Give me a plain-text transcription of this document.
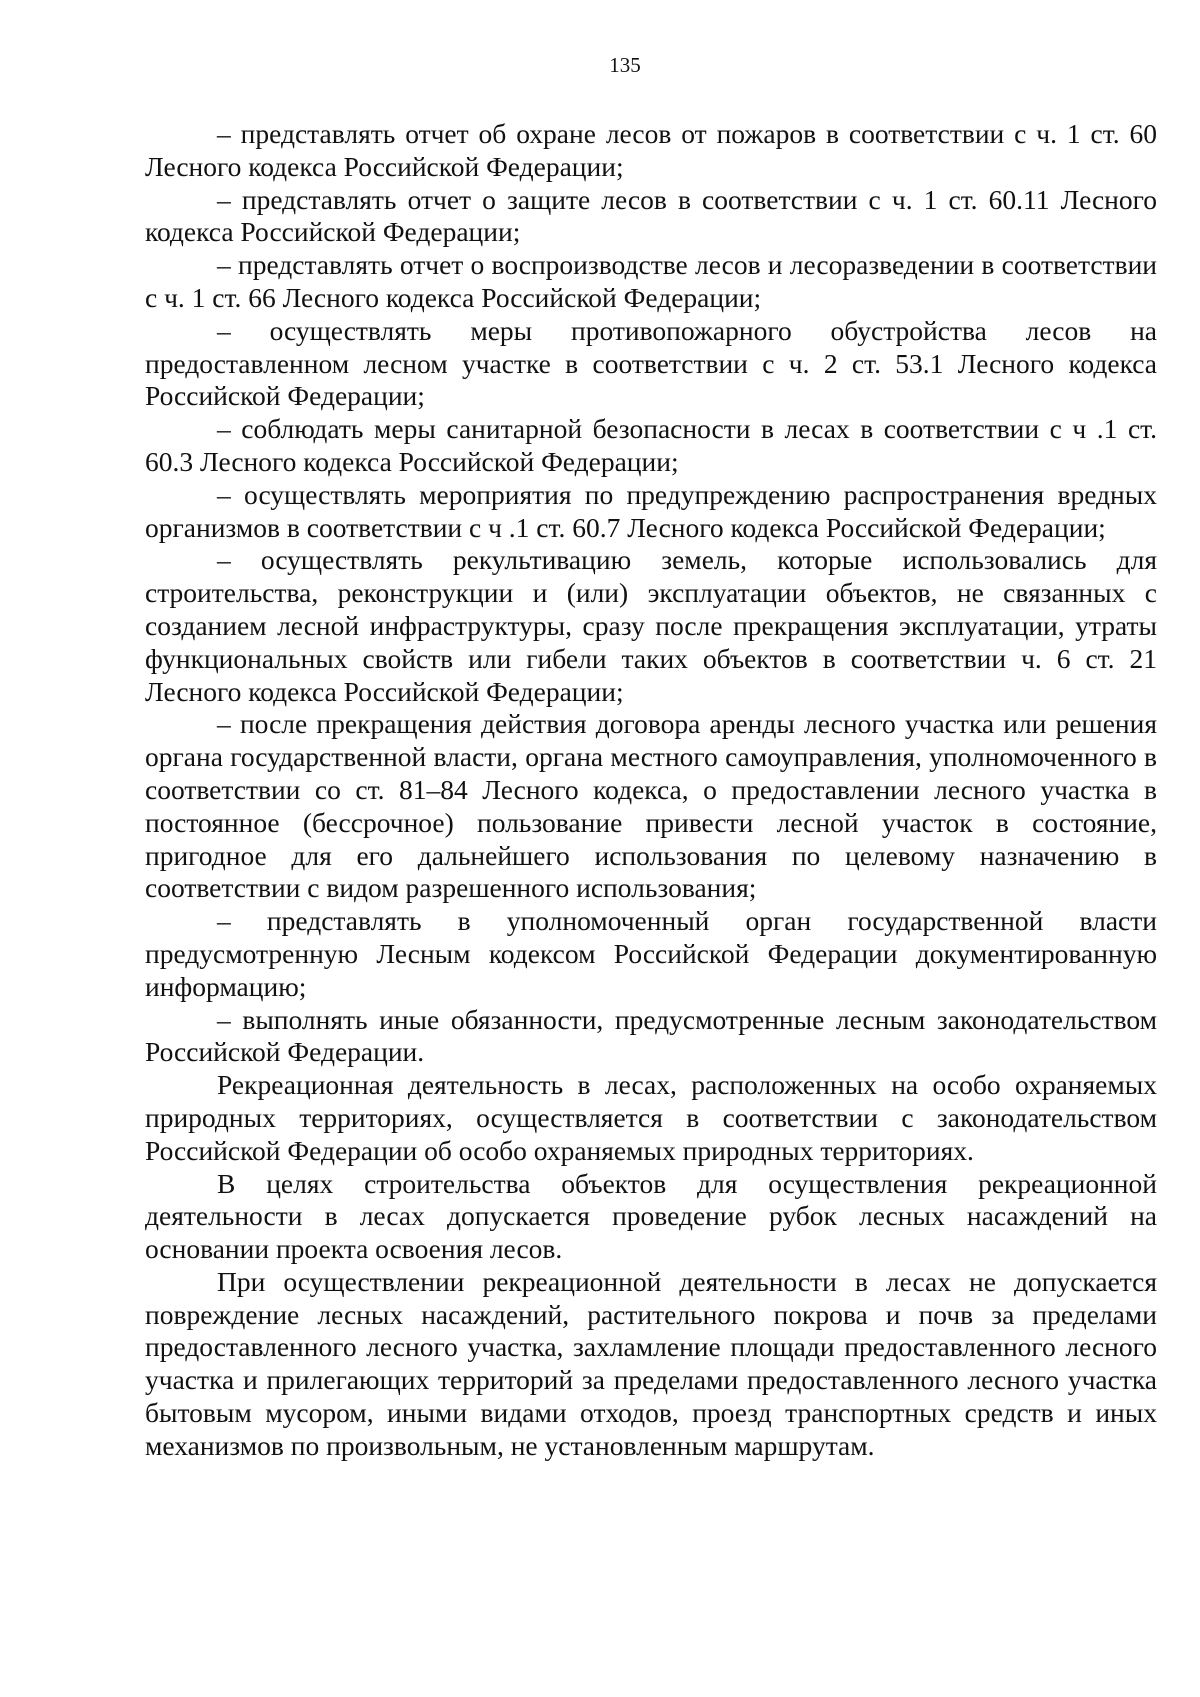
135

– представлять отчет об охране лесов от пожаров в соответствии с ч. 1 ст. 60 Лесного кодекса Российской Федерации;

– представлять отчет о защите лесов в соответствии с ч. 1 ст. 60.11 Лесного кодекса Российской Федерации;

– представлять отчет о воспроизводстве лесов и лесоразведении в соответствии с ч. 1 ст. 66 Лесного кодекса Российской Федерации;

– осуществлять меры противопожарного обустройства лесов на предоставленном лесном участке в соответствии с ч. 2 ст. 53.1 Лесного кодекса Российской Федерации;

– соблюдать меры санитарной безопасности в лесах в соответствии с ч .1 ст. 60.3 Лесного кодекса Российской Федерации;

– осуществлять мероприятия по предупреждению распространения вредных организмов в соответствии с ч .1 ст. 60.7 Лесного кодекса Российской Федерации;

– осуществлять рекультивацию земель, которые использовались для строительства, реконструкции и (или) эксплуатации объектов, не связанных с созданием лесной инфраструктуры, сразу после прекращения эксплуатации, утраты функциональных свойств или гибели таких объектов в соответствии ч. 6 ст. 21 Лесного кодекса Российской Федерации;

– после прекращения действия договора аренды лесного участка или решения органа государственной власти, органа местного самоуправления, уполномоченного в соответствии со ст. 81–84 Лесного кодекса, о предоставлении лесного участка в постоянное (бессрочное) пользование привести лесной участок в состояние, пригодное для его дальнейшего использования по целевому назначению в соответствии с видом разрешенного использования;

– представлять в уполномоченный орган государственной власти предусмотренную Лесным кодексом Российской Федерации документированную информацию;

– выполнять иные обязанности, предусмотренные лесным законодательством Российской Федерации.

Рекреационная деятельность в лесах, расположенных на особо охраняемых природных территориях, осуществляется в соответствии с законодательством Российской Федерации об особо охраняемых природных территориях.

В целях строительства объектов для осуществления рекреационной деятельности в лесах допускается проведение рубок лесных насаждений на основании проекта освоения лесов.

При осуществлении рекреационной деятельности в лесах не допускается повреждение лесных насаждений, растительного покрова и почв за пределами предоставленного лесного участка, захламление площади предоставленного лесного участка и прилегающих территорий за пределами предоставленного лесного участка бытовым мусором, иными видами отходов, проезд транспортных средств и иных механизмов по произвольным, не установленным маршрутам.
